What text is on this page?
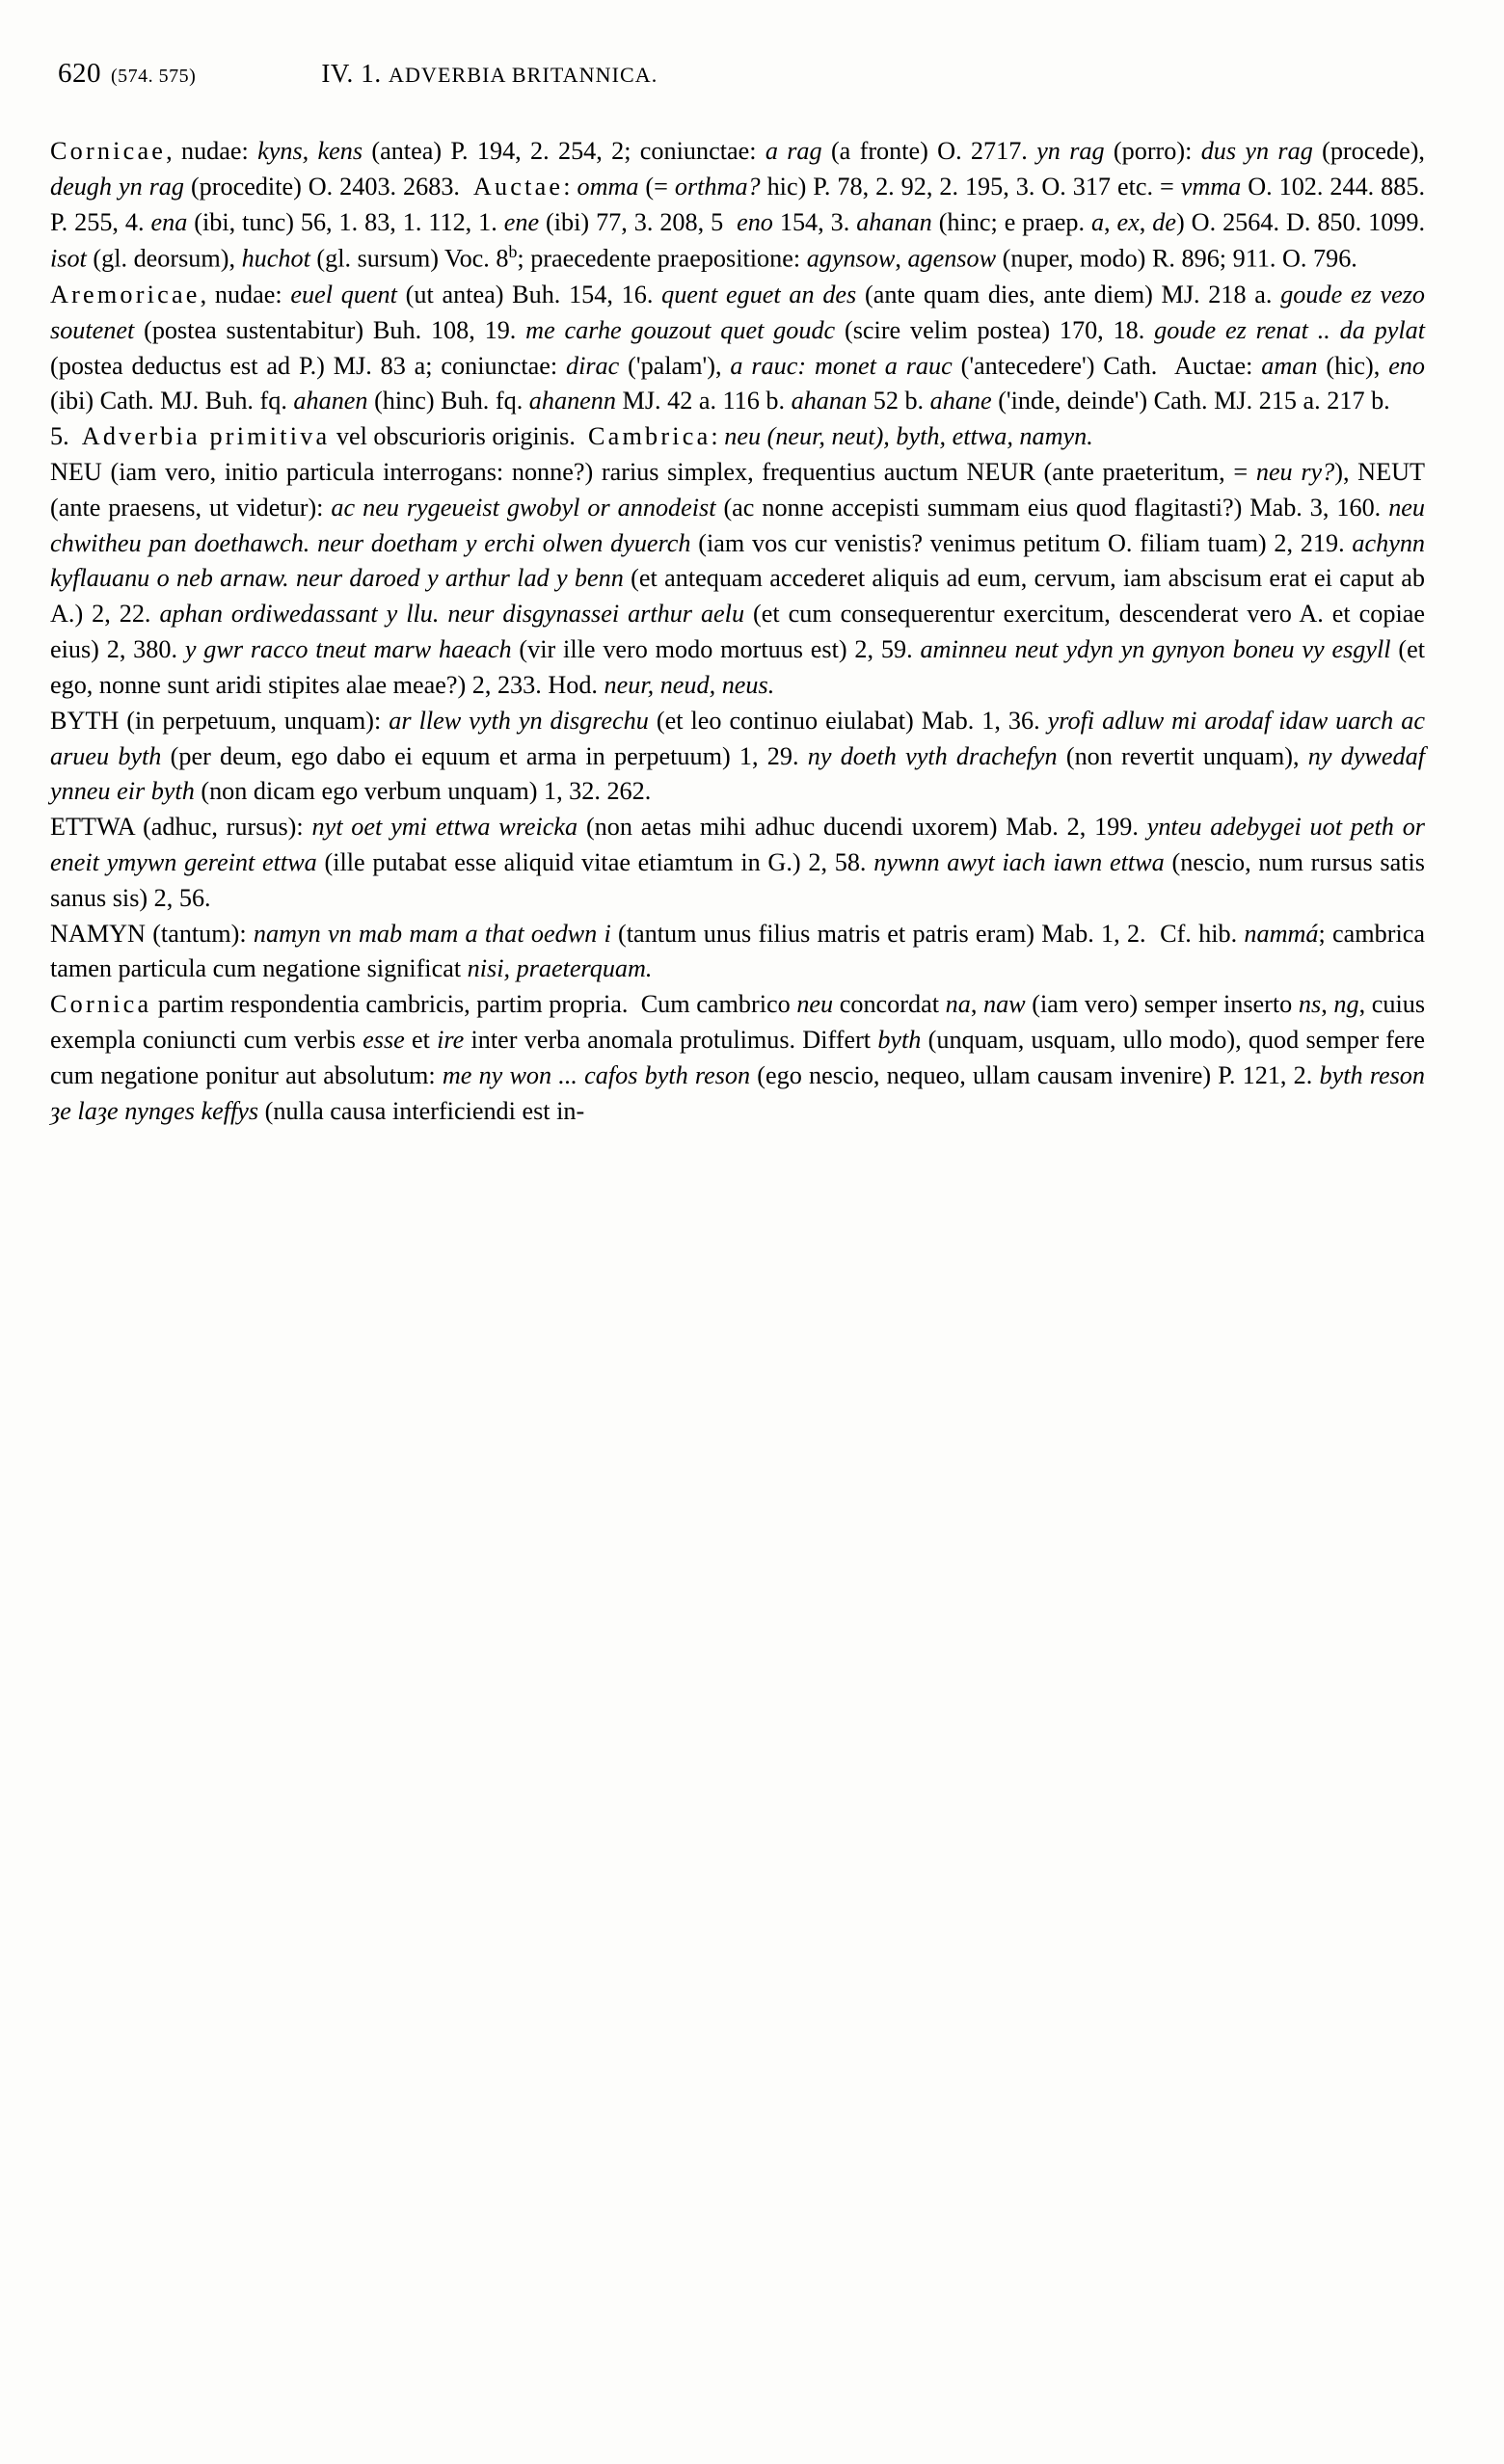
620 (574. 575)	IV. 1. ADVERBIA BRITANNICA.

Cornicae, nudae: kyns, kens (antea) P. 194, 2. 254, 2; coniunctae: a rag (a fronte) O. 2717. yn rag (porro): dus yn rag (procede), deugh yn rag (procedite) O. 2403. 2683.  Auctae: omma (= orthma? hic) P. 78, 2. 92, 2. 195, 3. O. 317 etc. = vmma O. 102. 244. 885. P. 255, 4. ena (ibi, tunc) 56, 1. 83, 1. 112, 1. ene (ibi) 77, 3. 208, 5  eno 154, 3. ahanan (hinc; e praep. a, ex, de) O. 2564. D. 850. 1099. isot (gl. deorsum), huchot (gl. sursum) Voc. 8$^b$; praecedente praepositione: agynsow, agensow (nuper, modo) R. 896; 911. O. 796.

Aremoricae, nudae: euel quent (ut antea) Buh. 154, 16. quent eguet an des (ante quam dies, ante diem) MJ. 218 a. goude ez vezo soutenet (postea sustentabitur) Buh. 108, 19. me carhe gouzout quet goudc (scire velim postea) 170, 18. goude ez renat .. da pylat (postea deductus est ad P.) MJ. 83 a; coniunctae: dirac ('palam'), a rauc: monet a rauc ('antecedere') Cath.  Auctae: aman (hic), eno (ibi) Cath. MJ. Buh. fq. ahanen (hinc) Buh. fq. ahanenn MJ. 42 a. 116 b. ahanan 52 b. ahane ('inde, deinde') Cath. MJ. 215 a. 217 b.

5.  Adverbia primitiva vel obscurioris originis.  Cambrica: neu (neur, neut), byth, ettwa, namyn.

NEU (iam vero, initio particula interrogans: nonne?) rarius simplex, frequentius auctum NEUR (ante praeteritum, = neu ry?), NEUT (ante praesens, ut videtur): ac neu rygeueist gwobyl or annodeist (ac nonne accepisti summam eius quod flagitasti?) Mab. 3, 160. neu chwitheu pan doethawch. neur doetham y erchi olwen dyuerch (iam vos cur venistis? venimus petitum O. filiam tuam) 2, 219. achynn kyflauanu o neb arnaw. neur daroed y arthur lad y benn (et antequam accederet aliquis ad eum, cervum, iam abscisum erat ei caput ab A.) 2, 22. aphan ordiwedassant y llu. neur disgynassei arthur aelu (et cum consequerentur exercitum, descenderat vero A. et copiae eius) 2, 380. y gwr racco tneut marw haeach (vir ille vero modo mortuus est) 2, 59. aminneu neut ydyn yn gynyon boneu vy esgyll (et ego, nonne sunt aridi stipites alae meae?) 2, 233. Hod. neur, neud, neus.

BYTH (in perpetuum, unquam): ar llew vyth yn disgrechu (et leo continuo eiulabat) Mab. 1, 36. yrofi adluw mi arodaf idaw uarch ac arueu byth (per deum, ego dabo ei equum et arma in perpetuum) 1, 29. ny doeth vyth drachefyn (non revertit unquam), ny dywedaf ynneu eir byth (non dicam ego verbum unquam) 1, 32. 262.

ETTWA (adhuc, rursus): nyt oet ymi ettwa wreicka (non aetas mihi adhuc ducendi uxorem) Mab. 2, 199. ynteu adebygei uot peth or eneit ymywn gereint ettwa (ille putabat esse aliquid vitae etiamtum in G.) 2, 58. nywnn awyt iach iawn ettwa (nescio, num rursus satis sanus sis) 2, 56.

NAMYN (tantum): namyn vn mab mam a that oedwn i (tantum unus filius matris et patris eram) Mab. 1, 2.  Cf. hib. nammá; cambrica tamen particula cum negatione significat nisi, praeterquam.

Cornica partim respondentia cambricis, partim propria.  Cum cambrico neu concordat na, naw (iam vero) semper inserto ns, ng, cuius exempla coniuncti cum verbis esse et ire inter verba anomala protulimus. Differt byth (unquam, usquam, ullo modo), quod semper fere cum negatione ponitur aut absolutum: me ny won ... cafos byth reson (ego nescio, nequeo, ullam causam invenire) P. 121, 2. byth reson ȝe laȝe nynges keffys (nulla causa interficiendi est in-
